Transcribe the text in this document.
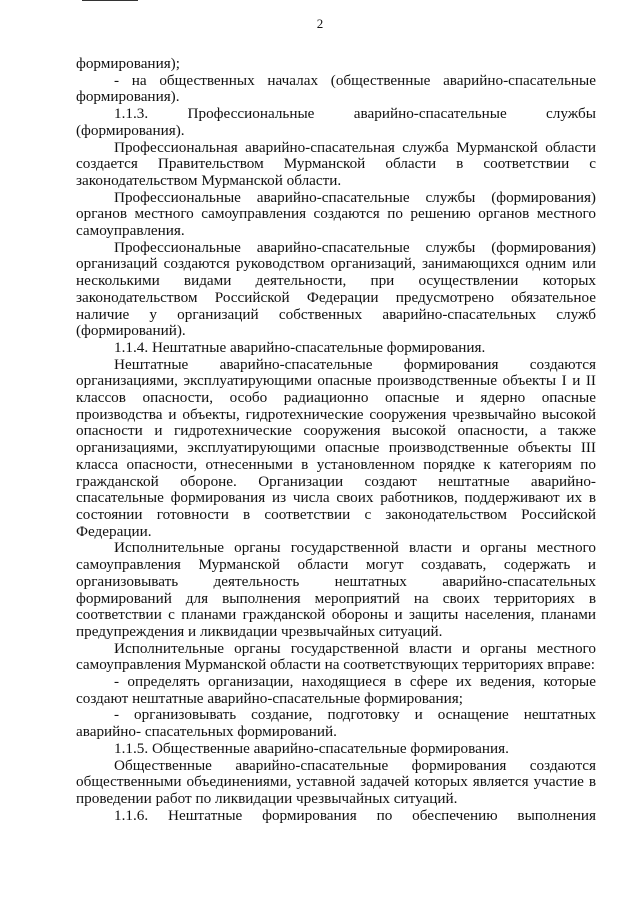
2

формирования);

- на общественных началах (общественные аварийно-спасательные формирования).

1.1.3. Профессиональные аварийно-спасательные службы (формирования).

Профессиональная аварийно-спасательная служба Мурманской области создается Правительством Мурманской области в соответствии с законодательством Мурманской области.

Профессиональные аварийно-спасательные службы (формирования) органов местного самоуправления создаются по решению органов местного самоуправления.

Профессиональные аварийно-спасательные службы (формирования) организаций создаются руководством организаций, занимающихся одним или несколькими видами деятельности, при осуществлении которых законодательством Российской Федерации предусмотрено обязательное наличие у организаций собственных аварийно-спасательных служб (формирований).

1.1.4. Нештатные аварийно-спасательные формирования.

Нештатные аварийно-спасательные формирования создаются организациями, эксплуатирующими опасные производственные объекты I и II классов опасности, особо радиационно опасные и ядерно опасные производства и объекты, гидротехнические сооружения чрезвычайно высокой опасности и гидротехнические сооружения высокой опасности, а также организациями, эксплуатирующими опасные производственные объекты III класса опасности, отнесенными в установленном порядке к категориям по гражданской обороне. Организации создают нештатные аварийно-спасательные формирования из числа своих работников, поддерживают их в состоянии готовности в соответствии с законодательством Российской Федерации.

Исполнительные органы государственной власти и органы местного самоуправления Мурманской области могут создавать, содержать и организовывать деятельность нештатных аварийно-спасательных формирований для выполнения мероприятий на своих территориях в соответствии с планами гражданской обороны и защиты населения, планами предупреждения и ликвидации чрезвычайных ситуаций.

Исполнительные органы государственной власти и органы местного самоуправления Мурманской области на соответствующих территориях вправе:

- определять организации, находящиеся в сфере их ведения, которые создают нештатные аварийно-спасательные формирования;

- организовывать создание, подготовку и оснащение нештатных аварийно- спасательных формирований.

1.1.5. Общественные аварийно-спасательные формирования.

Общественные аварийно-спасательные формирования создаются общественными объединениями, уставной задачей которых является участие в проведении работ по ликвидации чрезвычайных ситуаций.

1.1.6. Нештатные формирования по обеспечению выполнения
